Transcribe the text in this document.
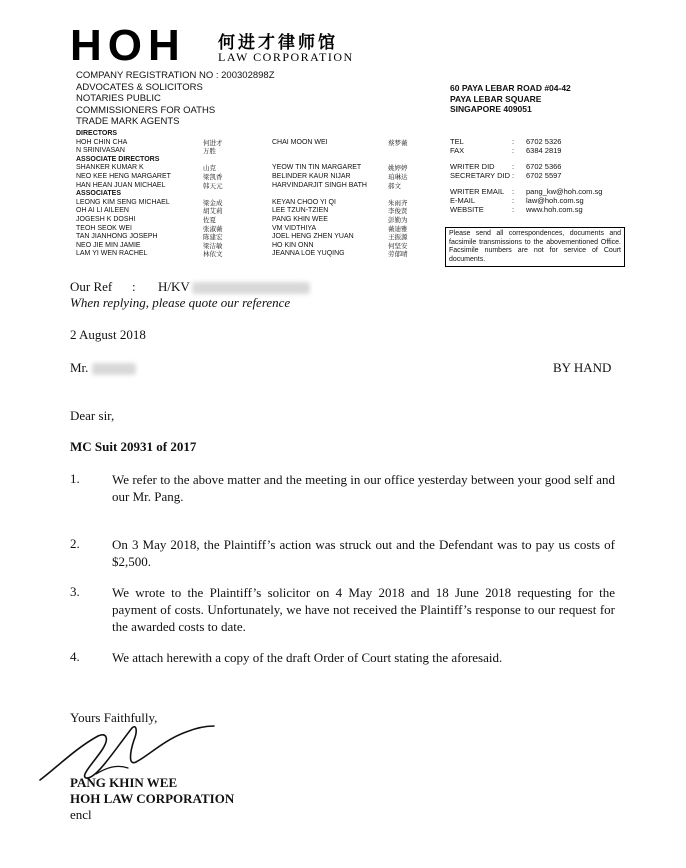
HOH 何进才律师馆
LAW CORPORATION
COMPANY REGISTRATION NO : 200302898Z
ADVOCATES & SOLICITORS
NOTARIES PUBLIC
COMMISSIONERS FOR OATHS
TRADE MARK AGENTS
60 PAYA LEBAR ROAD #04-42
PAYA LEBAR SQUARE
SINGAPORE 409051
DIRECTORS
HOH CHIN CHA	何进才	CHAI MOON WEI	蔡梦薇
N SRINIVASAN	万胜
ASSOCIATE DIRECTORS
SHANKER KUMAR K	山克	YEOW TIN TIN MARGARET	姚婷婷
NEO KEE HENG MARGARET	梁凯香	BELINDER KAUR NIJAR	珀琳达
HAN HEAN JUAN MICHAEL	韩天元	HARVINDARJIT SINGH BATH	郝文
ASSOCIATES
LEONG KIM SENG MICHAEL	梁金成	KEYAN CHOO YI QI	朱雨齐
OH AI LI AILEEN	胡艾莉	LEE TZUN-TZIEN	李俊贤
JOGESH K DOSHI	佐夏	PANG KHIN WEE	彭勤为
TEOH SEOK WEI	张淑薇	VM VIDTHIYA	薇迪雅
TAN JIANHONG JOSEPH	陈建宏	JOEL HENG ZHEN YUAN	王振源
NEO JIE MIN JAMIE	梁洁敏	HO KIN ONN	何坚安
LAM YI WEN RACHEL	林依文	JEANNA LOE YUQING	劳郁晴
TEL	: 6702 5326
FAX	: 6384 2819
WRITER DID : 6702 5366
SECRETARY DID : 6702 5597
WRITER EMAIL : pang_kw@hoh.com.sg
E-MAIL	: law@hoh.com.sg
WEBSITE	: www.hoh.com.sg
Please send all correspondences, documents and facsimile transmissions to the abovementioned Office. Facsimile numbers are not for service of Court documents.
Our Ref : H/KV
When replying, please quote our reference
2 August 2018
Mr.	BY HAND
Dear sir,
MC Suit 20931 of 2017
1. We refer to the above matter and the meeting in our office yesterday between your good self and our Mr. Pang.
2. On 3 May 2018, the Plaintiff’s action was struck out and the Defendant was to pay us costs of $2,500.
3. We wrote to the Plaintiff’s solicitor on 4 May 2018 and 18 June 2018 requesting for the payment of costs. Unfortunately, we have not received the Plaintiff’s response to our request for the awarded costs to date.
4. We attach herewith a copy of the draft Order of Court stating the aforesaid.
Yours Faithfully,
PANG KHIN WEE
HOH LAW CORPORATION
encl
